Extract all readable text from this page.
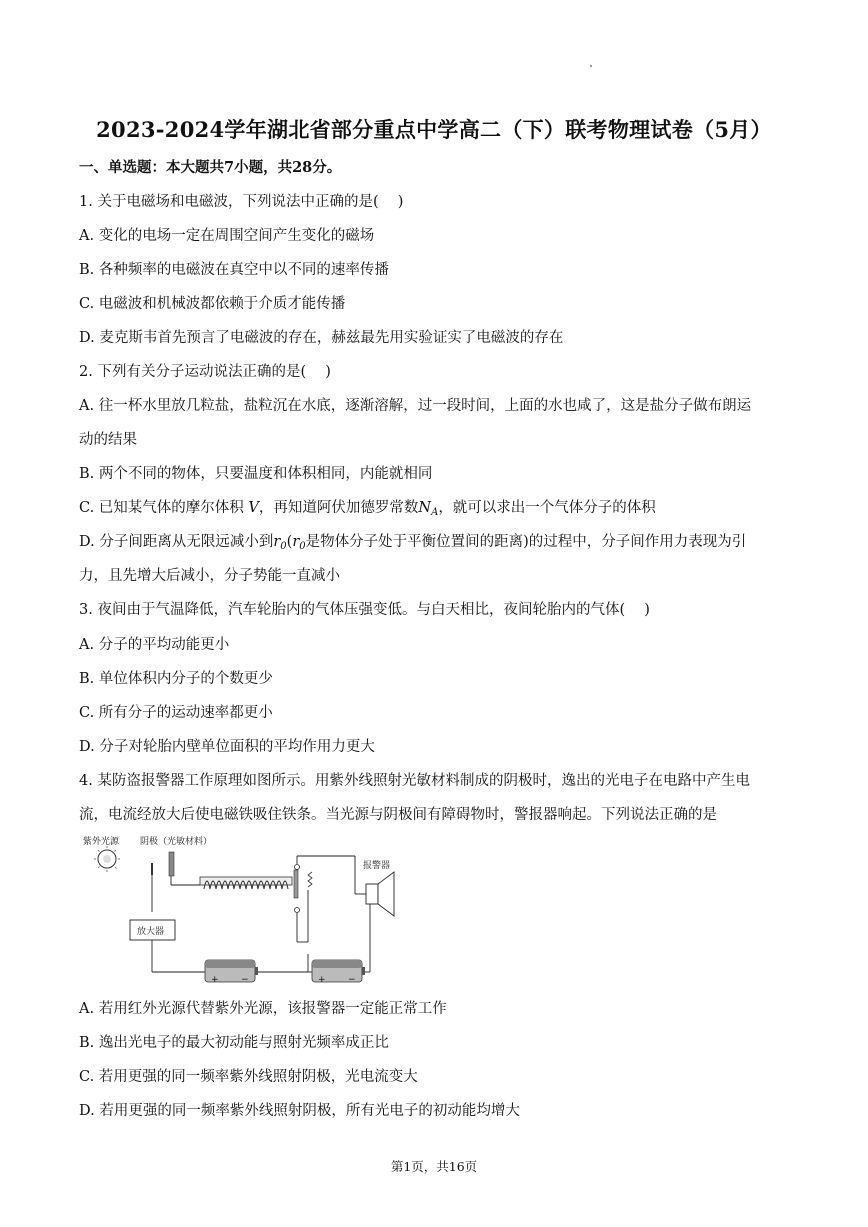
2023-2024学年湖北省部分重点中学高二（下）联考物理试卷（5月）
一、单选题：本大题共7小题，共28分。
1. 关于电磁场和电磁波，下列说法中正确的是(　 )
A. 变化的电场一定在周围空间产生变化的磁场
B. 各种频率的电磁波在真空中以不同的速率传播
C. 电磁波和机械波都依赖于介质才能传播
D. 麦克斯韦首先预言了电磁波的存在，赫兹最先用实验证实了电磁波的存在
2. 下列有关分子运动说法正确的是(　 )
A. 往一杯水里放几粒盐，盐粒沉在水底，逐渐溶解，过一段时间，上面的水也咸了，这是盐分子做布朗运
动的结果
B. 两个不同的物体，只要温度和体积相同，内能就相同
C. 已知某气体的摩尔体积 V，再知道阿伏加德罗常数$N_A$，就可以求出一个气体分子的体积
D. 分子间距离从无限远减小到$r_0(r_0$是物体分子处于平衡位置间的距离)的过程中，分子间作用力表现为引
力，且先增大后减小，分子势能一直减小
3. 夜间由于气温降低，汽车轮胎内的气体压强变低。与白天相比，夜间轮胎内的气体(　 )
A. 分子的平均动能更小
B. 单位体积内分子的个数更少
C. 所有分子的运动速率都更小
D. 分子对轮胎内壁单位面积的平均作用力更大
4. 某防盗报警器工作原理如图所示。用紫外线照射光敏材料制成的阴极时，逸出的光电子在电路中产生电
流，电流经放大后使电磁铁吸住铁条。当光源与阴极间有障碍物时，警报器响起。下列说法正确的是
紫外光源 阴极（光敏材料）
报警器
放大器
+ −	+ −
A. 若用红外光源代替紫外光源，该报警器一定能正常工作
B. 逸出光电子的最大初动能与照射光频率成正比
C. 若用更强的同一频率紫外线照射阴极，光电流变大
D. 若用更强的同一频率紫外线照射阴极，所有光电子的初动能均增大
第1页，共16页
